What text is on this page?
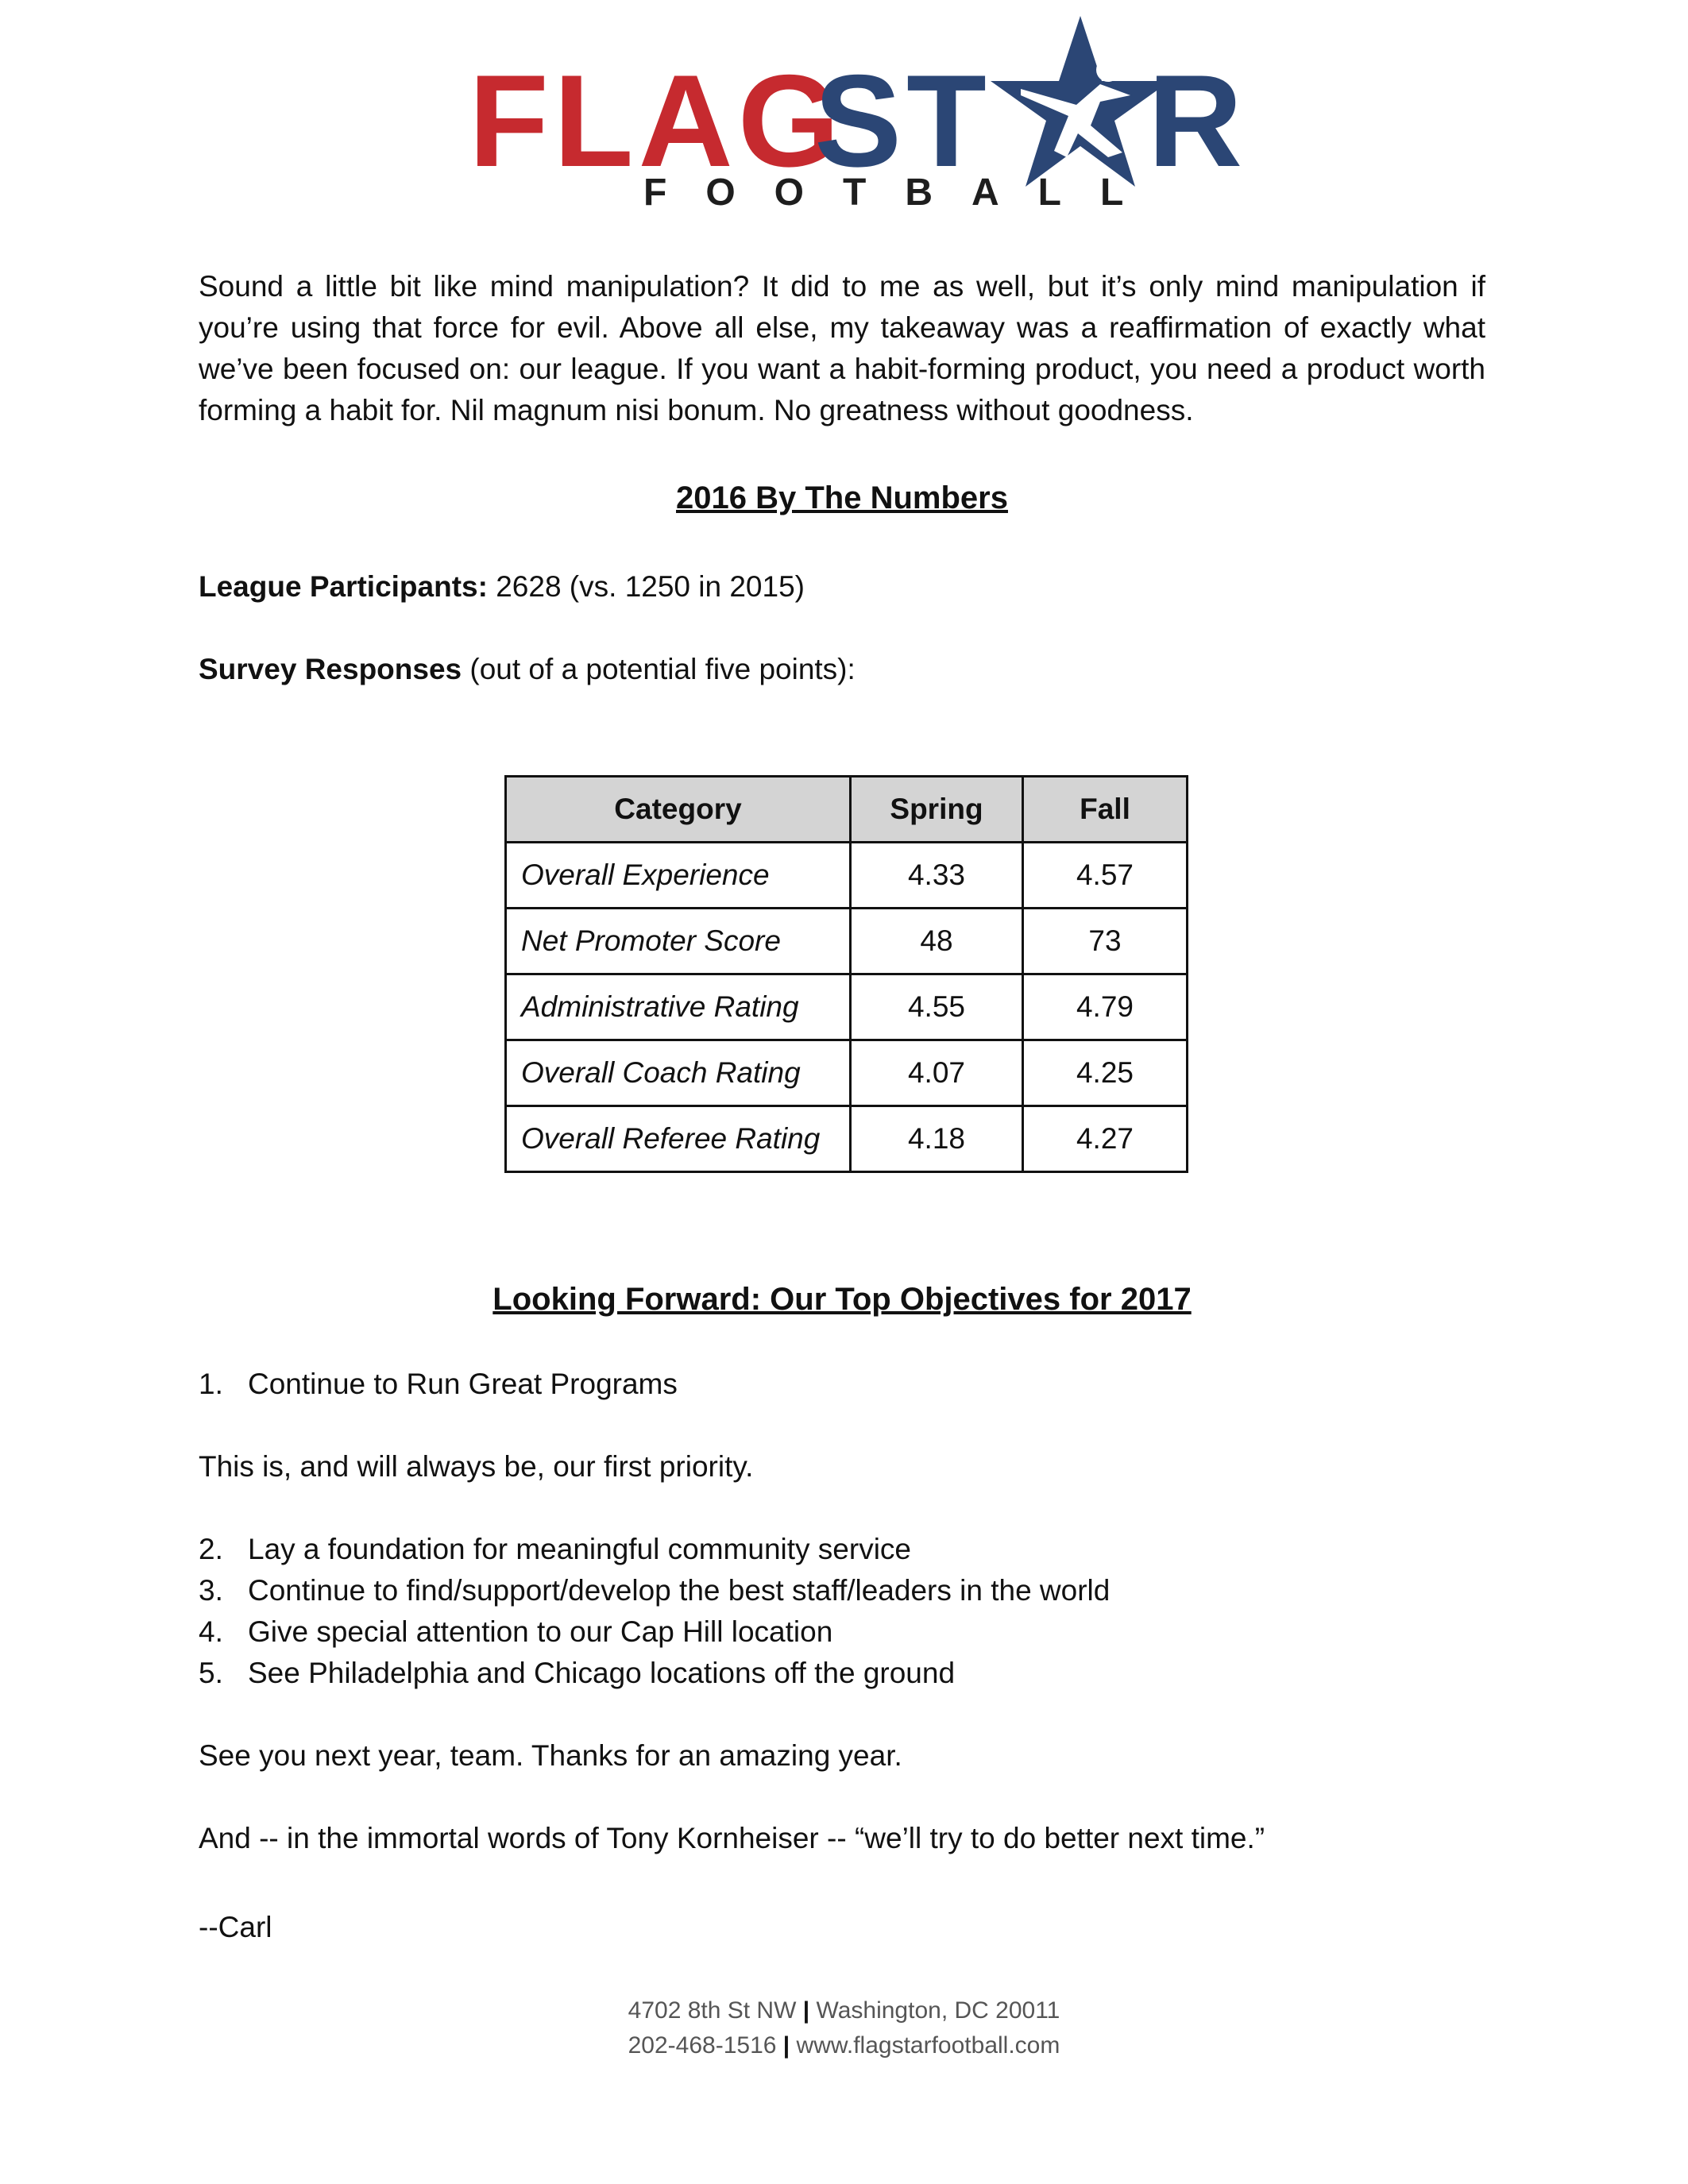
FLAG
ST R
FOOTBALL

Sound a little bit like mind manipulation? It did to me as well, but it’s only mind manipulation if you’re using that force for evil. Above all else, my takeaway was a reaffirmation of exactly what we’ve been focused on: our league. If you want a habit-forming product, you need a product worth forming a habit for. Nil magnum nisi bonum. No greatness without goodness.

2016 By The Numbers

League Participants: 2628 (vs. 1250 in 2015)

Survey Responses (out of a potential five points):

Category	Spring	Fall
Overall Experience	4.33	4.57
Net Promoter Score	48	73
Administrative Rating	4.55	4.79
Overall Coach Rating	4.07	4.25
Overall Referee Rating	4.18	4.27

Looking Forward: Our Top Objectives for 2017

1. Continue to Run Great Programs

This is, and will always be, our first priority.

2. Lay a foundation for meaningful community service
3. Continue to find/support/develop the best staff/leaders in the world
4. Give special attention to our Cap Hill location
5. See Philadelphia and Chicago locations off the ground

See you next year, team. Thanks for an amazing year.

And -- in the immortal words of Tony Kornheiser -- “we’ll try to do better next time.”

--Carl

4702 8th St NW | Washington, DC 20011
202-468-1516 | www.flagstarfootball.com
